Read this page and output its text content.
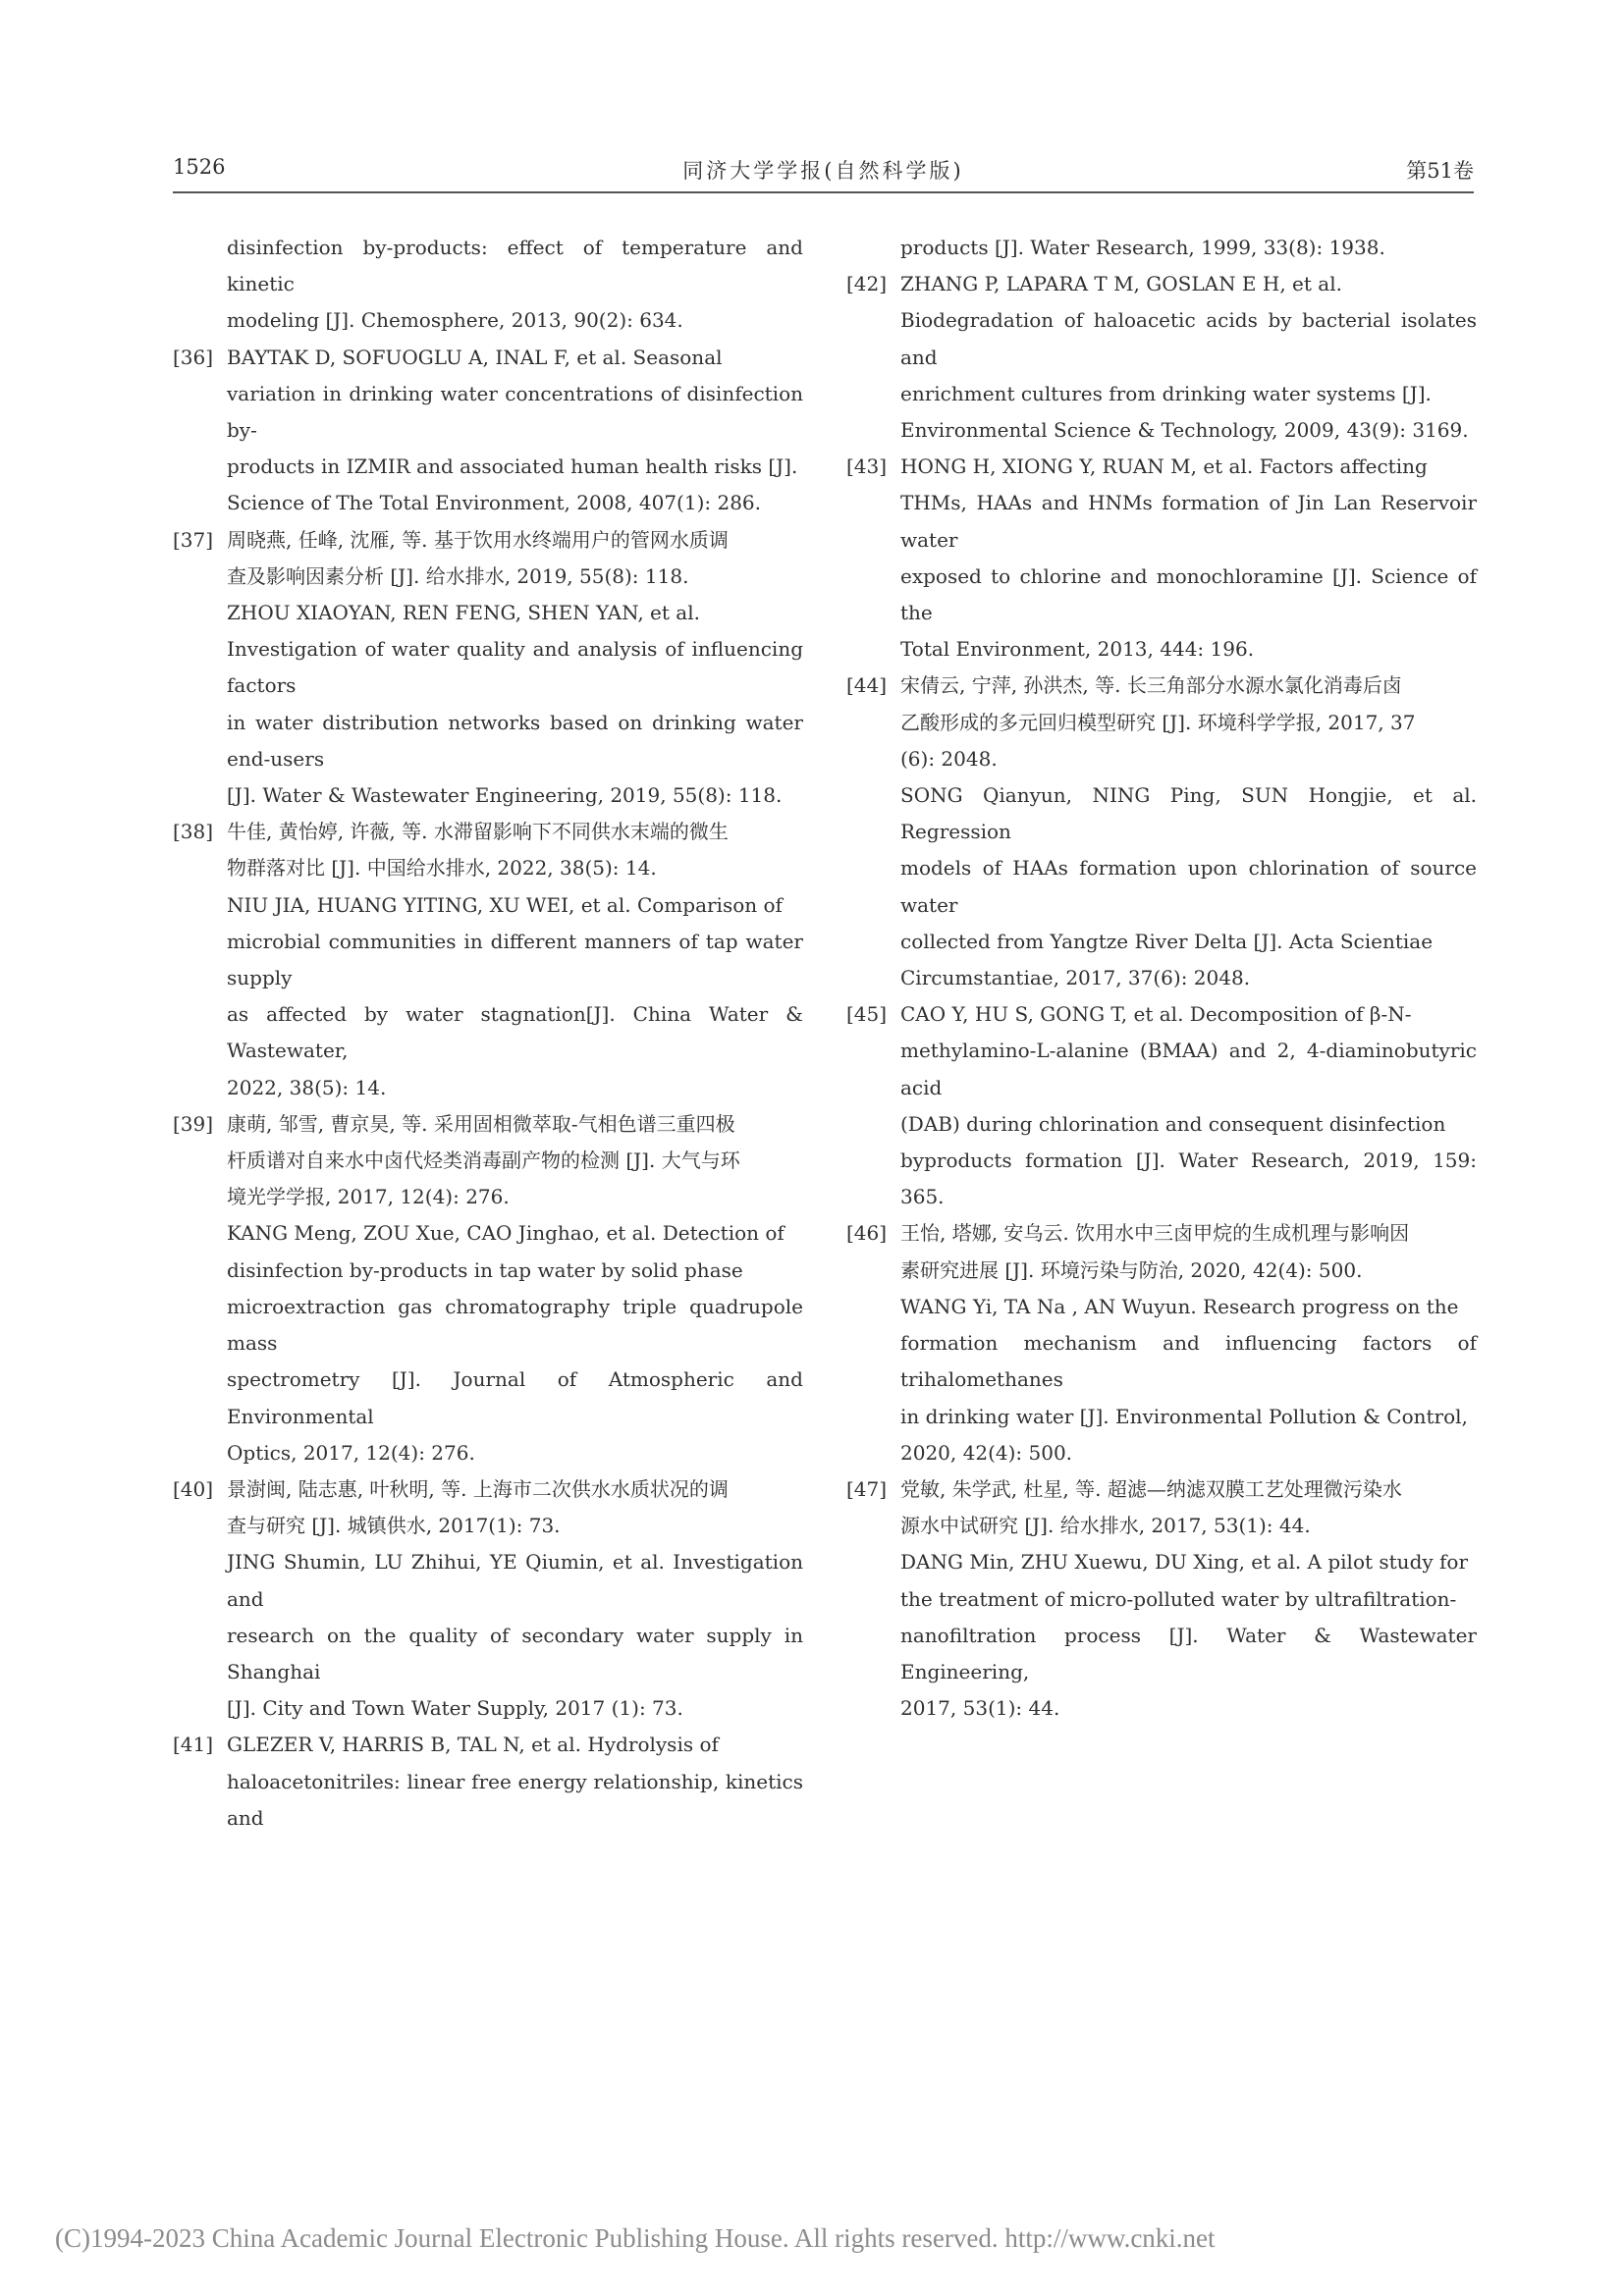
1526	同济大学学报(自然科学版)	第51卷
disinfection by-products: effect of temperature and kinetic
modeling [J]. Chemosphere, 2013, 90(2): 634.
[36] BAYTAK D, SOFUOGLU A, INAL F, et al. Seasonal
variation in drinking water concentrations of disinfection by-
products in IZMIR and associated human health risks [J].
Science of The Total Environment, 2008, 407(1): 286.
[37] 周晓燕, 任峰, 沈雁, 等. 基于饮用水终端用户的管网水质调
查及影响因素分析 [J]. 给水排水, 2019, 55(8): 118.
ZHOU XIAOYAN, REN FENG, SHEN YAN, et al.
Investigation of water quality and analysis of influencing factors
in water distribution networks based on drinking water end-users
[J]. Water & Wastewater Engineering, 2019, 55(8): 118.
[38] 牛佳, 黄怡婷, 许薇, 等. 水滞留影响下不同供水末端的微生
物群落对比 [J]. 中国给水排水, 2022, 38(5): 14.
NIU JIA, HUANG YITING, XU WEI, et al. Comparison of
microbial communities in different manners of tap water supply
as affected by water stagnation[J]. China Water & Wastewater,
2022, 38(5): 14.
[39] 康萌, 邹雪, 曹京昊, 等. 采用固相微萃取-气相色谱三重四极
杆质谱对自来水中卤代烃类消毒副产物的检测 [J]. 大气与环
境光学学报, 2017, 12(4): 276.
KANG Meng, ZOU Xue, CAO Jinghao, et al. Detection of
disinfection by-products in tap water by solid phase
microextraction gas chromatography triple quadrupole mass
spectrometry [J]. Journal of Atmospheric and Environmental
Optics, 2017, 12(4): 276.
[40] 景澍闽, 陆志惠, 叶秋明, 等. 上海市二次供水水质状况的调
查与研究 [J]. 城镇供水, 2017(1): 73.
JING Shumin, LU Zhihui, YE Qiumin, et al. Investigation and
research on the quality of secondary water supply in Shanghai
[J]. City and Town Water Supply, 2017 (1): 73.
[41] GLEZER V, HARRIS B, TAL N, et al. Hydrolysis of
haloacetonitriles: linear free energy relationship, kinetics and
products [J]. Water Research, 1999, 33(8): 1938.
[42] ZHANG P, LAPARA T M, GOSLAN E H, et al.
Biodegradation of haloacetic acids by bacterial isolates and
enrichment cultures from drinking water systems [J].
Environmental Science & Technology, 2009, 43(9): 3169.
[43] HONG H, XIONG Y, RUAN M, et al. Factors affecting
THMs, HAAs and HNMs formation of Jin Lan Reservoir water
exposed to chlorine and monochloramine [J]. Science of the
Total Environment, 2013, 444: 196.
[44] 宋倩云, 宁萍, 孙洪杰, 等. 长三角部分水源水氯化消毒后卤
乙酸形成的多元回归模型研究 [J]. 环境科学学报, 2017, 37
(6): 2048.
SONG Qianyun, NING Ping, SUN Hongjie, et al. Regression
models of HAAs formation upon chlorination of source water
collected from Yangtze River Delta [J]. Acta Scientiae
Circumstantiae, 2017, 37(6): 2048.
[45] CAO Y, HU S, GONG T, et al. Decomposition of β-N-
methylamino-L-alanine (BMAA) and 2, 4-diaminobutyric acid
(DAB) during chlorination and consequent disinfection
byproducts formation [J]. Water Research, 2019, 159: 365.
[46] 王怡, 塔娜, 安乌云. 饮用水中三卤甲烷的生成机理与影响因
素研究进展 [J]. 环境污染与防治, 2020, 42(4): 500.
WANG Yi, TA Na , AN Wuyun. Research progress on the
formation mechanism and influencing factors of trihalomethanes
in drinking water [J]. Environmental Pollution & Control,
2020, 42(4): 500.
[47] 党敏, 朱学武, 杜星, 等. 超滤—纳滤双膜工艺处理微污染水
源水中试研究 [J]. 给水排水, 2017, 53(1): 44.
DANG Min, ZHU Xuewu, DU Xing, et al. A pilot study for
the treatment of micro-polluted water by ultrafiltration-
nanofiltration process [J]. Water & Wastewater Engineering,
2017, 53(1): 44.
(C)1994-2023 China Academic Journal Electronic Publishing House. All rights reserved. http://www.cnki.net
